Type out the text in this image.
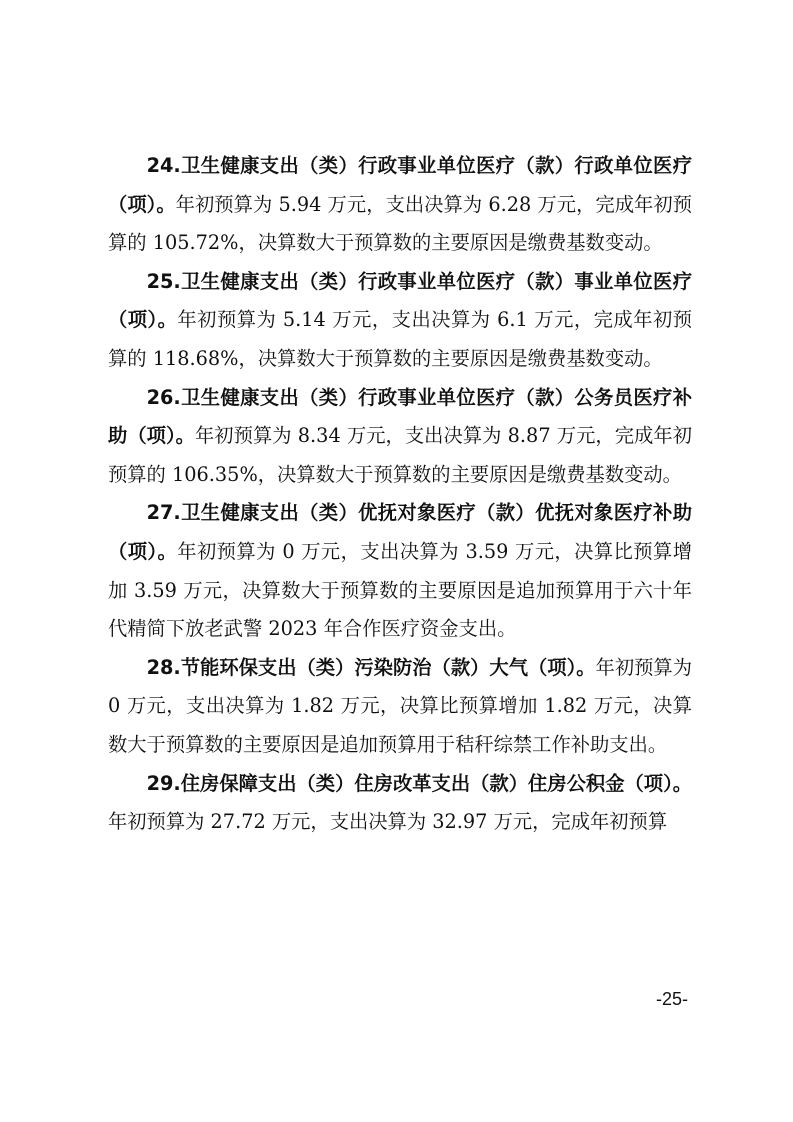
24.卫生健康支出（类）行政事业单位医疗（款）行政单位医疗（项）。年初预算为 5.94 万元，支出决算为 6.28 万元，完成年初预算的 105.72%，决算数大于预算数的主要原因是缴费基数变动。

25.卫生健康支出（类）行政事业单位医疗（款）事业单位医疗（项）。年初预算为 5.14 万元，支出决算为 6.1 万元，完成年初预算的 118.68%，决算数大于预算数的主要原因是缴费基数变动。

26.卫生健康支出（类）行政事业单位医疗（款）公务员医疗补助（项）。年初预算为 8.34 万元，支出决算为 8.87 万元，完成年初预算的 106.35%，决算数大于预算数的主要原因是缴费基数变动。

27.卫生健康支出（类）优抚对象医疗（款）优抚对象医疗补助（项）。年初预算为 0 万元，支出决算为 3.59 万元，决算比预算增加 3.59 万元，决算数大于预算数的主要原因是追加预算用于六十年代精简下放老武警 2023 年合作医疗资金支出。

28.节能环保支出（类）污染防治（款）大气（项）。年初预算为 0 万元，支出决算为 1.82 万元，决算比预算增加 1.82 万元，决算数大于预算数的主要原因是追加预算用于秸秆综禁工作补助支出。

29.住房保障支出（类）住房改革支出（款）住房公积金（项）。年初预算为 27.72 万元，支出决算为 32.97 万元，完成年初预算

-25-
